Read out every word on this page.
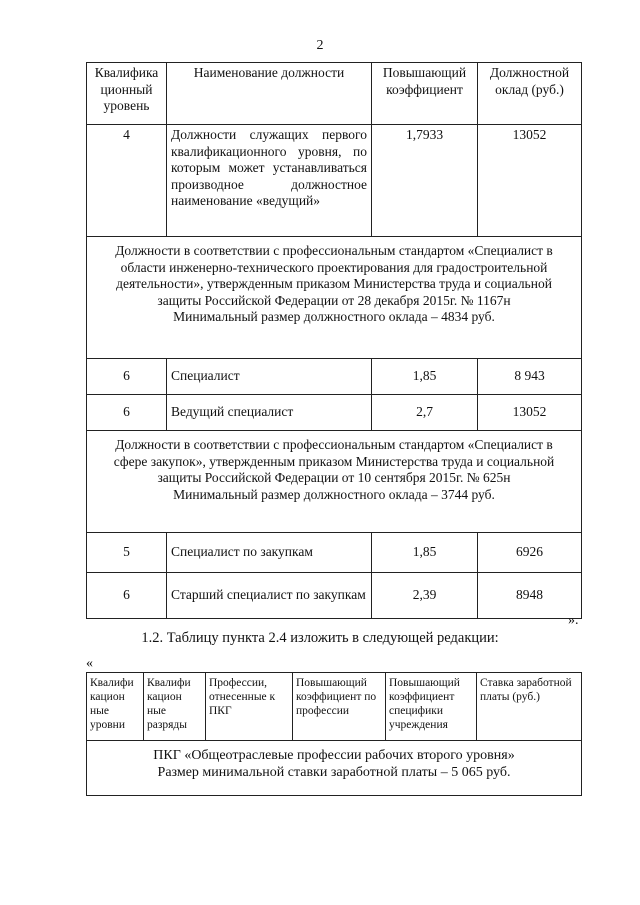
2
Квалифика ционный уровень	Наименование должности	Повышающий коэффициент	Должностной оклад (руб.)
4	Должности служащих первого квалификационного уровня, по которым может устанавливаться производное должностное наименование «ведущий»	1,7933	13052

Должности в соответствии с профессиональным стандартом «Специалист в области инженерно-технического проектирования для градостроительной деятельности», утвержденным приказом Министерства труда и социальной защиты Российской Федерации от 28 декабря 2015г. № 1167н
Минимальный размер должностного оклада – 4834 руб.			

6	Специалист	1,85	8 943
6	Ведущий специалист	2,7	13052

Должности в соответствии с профессиональным стандартом «Специалист в сфере закупок», утвержденным приказом Министерства труда и социальной защиты Российской Федерации от 10 сентября 2015г. № 625н
Минимальный размер должностного оклада – 3744 руб.			

5	Специалист по закупкам	1,85	6926
6	Старший специалист по закупкам	2,39	8948
».
1.2. Таблицу пункта 2.4 изложить в следующей редакции:
«
Квалифи кацион ные уровни	Квалифи кацион ные разряды	Профессии, отнесенные к ПКГ	Повышающий коэффициент по профессии	Повышающий коэффициент специфики учреждения	Ставка заработной платы (руб.)

ПКГ «Общеотраслевые профессии рабочих второго уровня»
Размер минимальной ставки заработной платы – 5 065 руб.
